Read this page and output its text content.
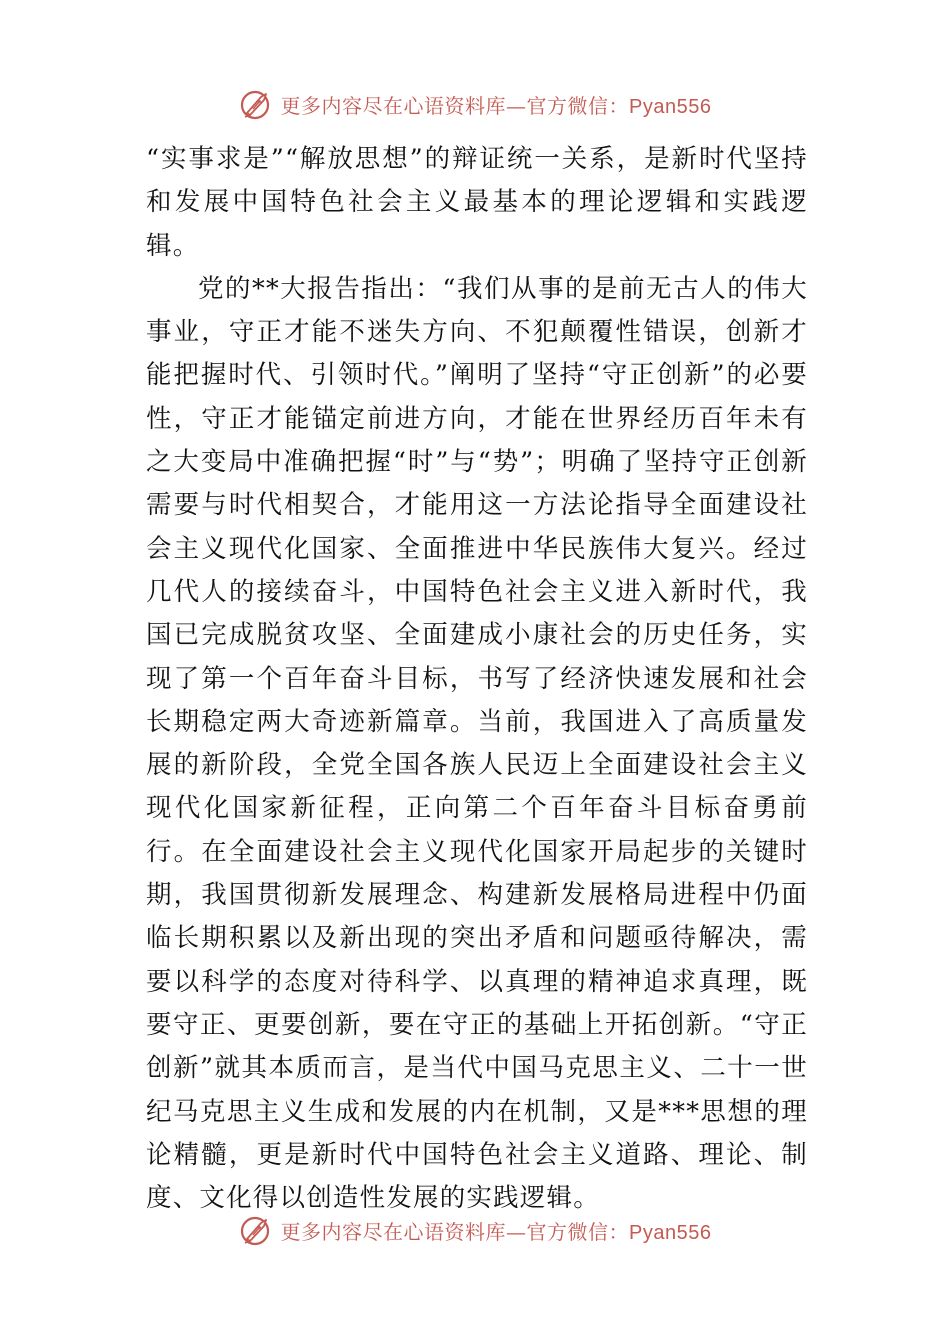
更多内容尽在心语资料库—官方微信：Pyan556

“实事求是”“解放思想”的辩证统一关系，是新时代坚持和发展中国特色社会主义最基本的理论逻辑和实践逻辑。

党的**大报告指出：“我们从事的是前无古人的伟大事业，守正才能不迷失方向、不犯颠覆性错误，创新才能把握时代、引领时代。”阐明了坚持“守正创新”的必要性，守正才能锚定前进方向，才能在世界经历百年未有之大变局中准确把握“时”与“势”；明确了坚持守正创新需要与时代相契合，才能用这一方法论指导全面建设社会主义现代化国家、全面推进中华民族伟大复兴。经过几代人的接续奋斗，中国特色社会主义进入新时代，我国已完成脱贫攻坚、全面建成小康社会的历史任务，实现了第一个百年奋斗目标，书写了经济快速发展和社会长期稳定两大奇迹新篇章。当前，我国进入了高质量发展的新阶段，全党全国各族人民迈上全面建设社会主义现代化国家新征程，正向第二个百年奋斗目标奋勇前行。在全面建设社会主义现代化国家开局起步的关键时期，我国贯彻新发展理念、构建新发展格局进程中仍面临长期积累以及新出现的突出矛盾和问题亟待解决，需要以科学的态度对待科学、以真理的精神追求真理，既要守正、更要创新，要在守正的基础上开拓创新。“守正创新”就其本质而言，是当代中国马克思主义、二十一世纪马克思主义生成和发展的内在机制，又是***思想的理论精髓，更是新时代中国特色社会主义道路、理论、制度、文化得以创造性发展的实践逻辑。

更多内容尽在心语资料库—官方微信：Pyan556
